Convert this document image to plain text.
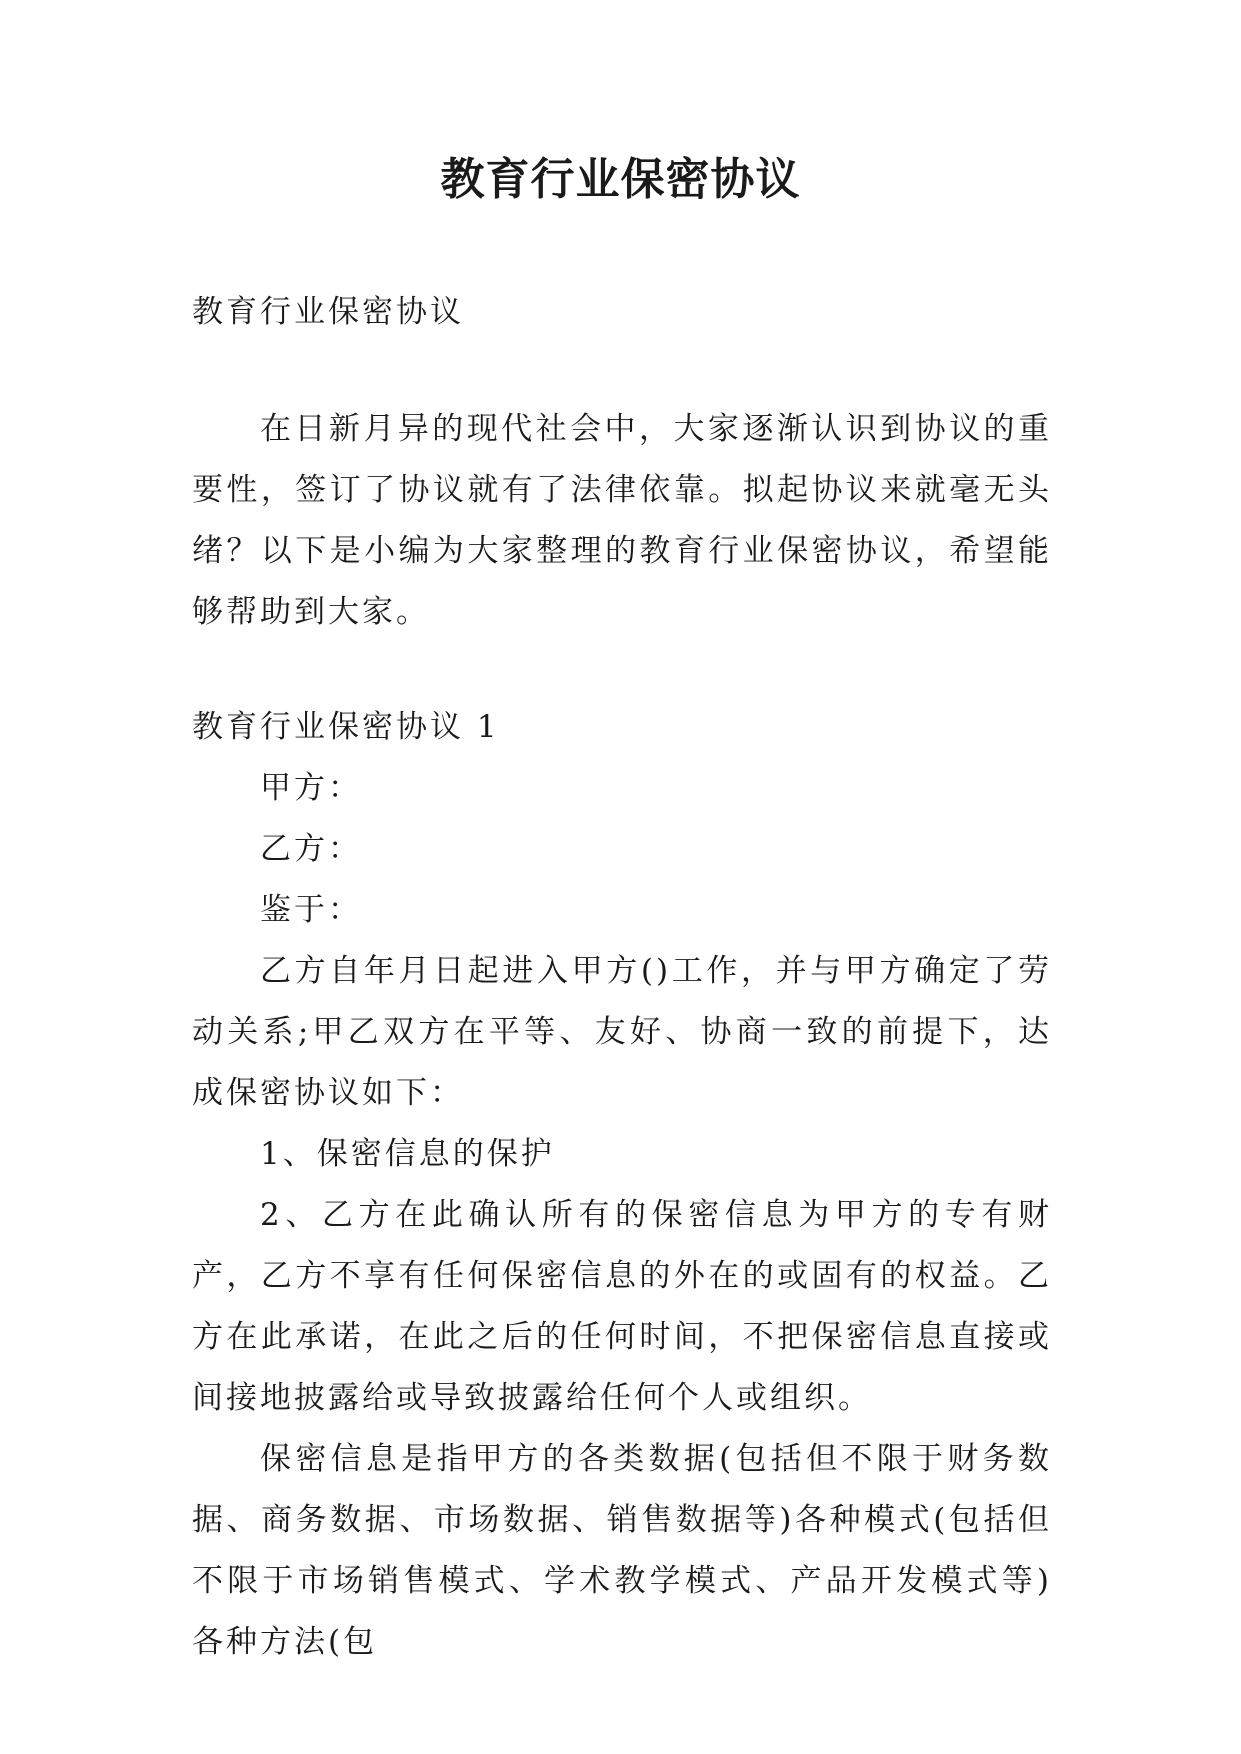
教育行业保密协议

教育行业保密协议

在日新月异的现代社会中，大家逐渐认识到协议的重要性，签订了协议就有了法律依靠。拟起协议来就毫无头绪？以下是小编为大家整理的教育行业保密协议，希望能够帮助到大家。

教育行业保密协议 1

甲方：

乙方：

鉴于：

乙方自年月日起进入甲方()工作，并与甲方确定了劳动关系;甲乙双方在平等、友好、协商一致的前提下，达成保密协议如下：

1、保密信息的保护

2、乙方在此确认所有的保密信息为甲方的专有财产，乙方不享有任何保密信息的外在的或固有的权益。乙方在此承诺，在此之后的任何时间，不把保密信息直接或间接地披露给或导致披露给任何个人或组织。

保密信息是指甲方的各类数据(包括但不限于财务数据、商务数据、市场数据、销售数据等)各种模式(包括但不限于市场销售模式、学术教学模式、产品开发模式等)各种方法(包
